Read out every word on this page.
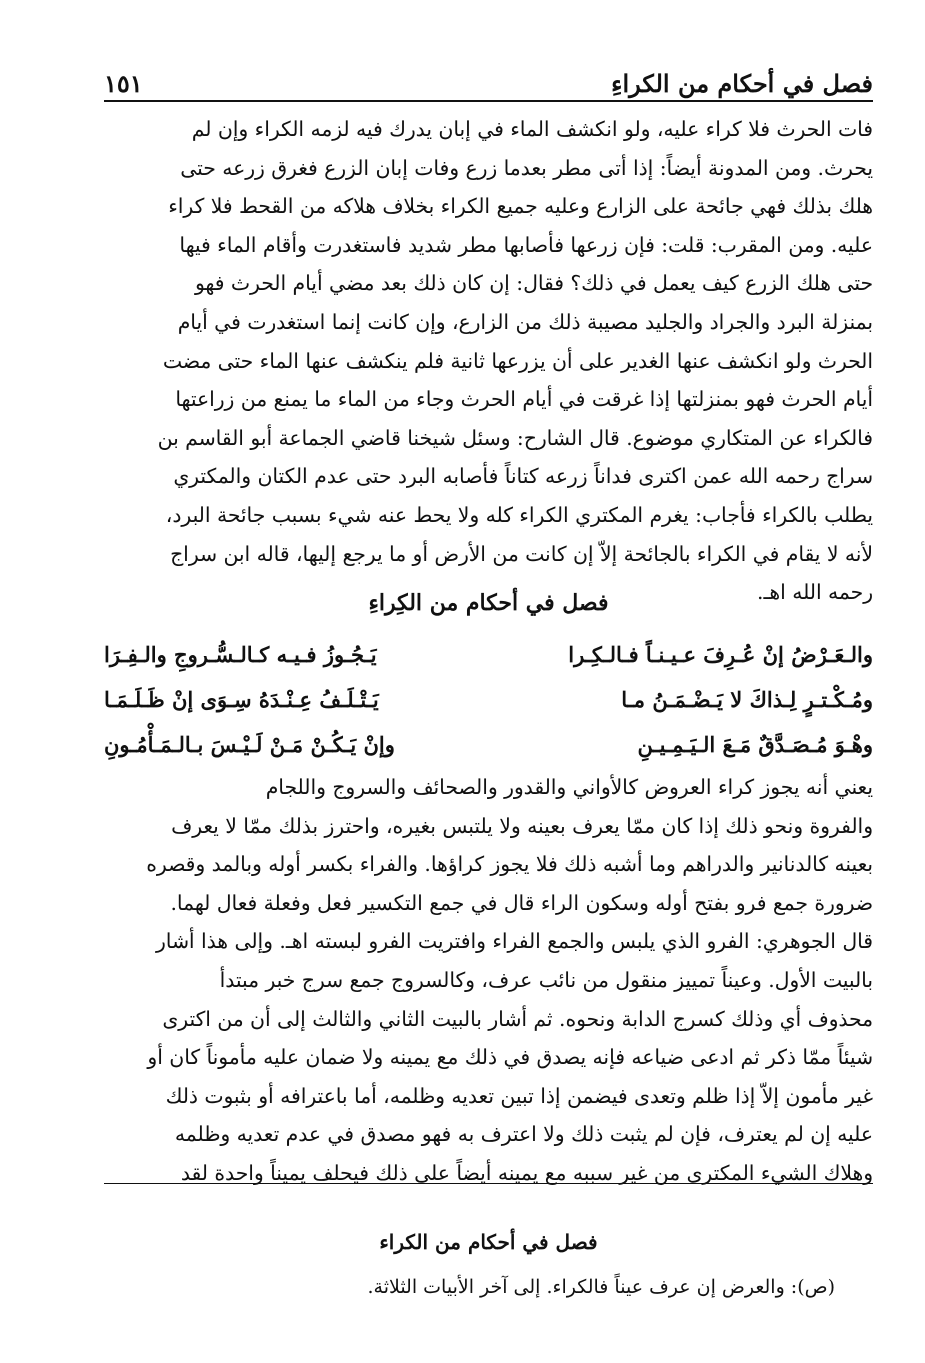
فصل في أحكام من الكراءِ
١٥١
فات الحرث فلا كراء عليه، ولو انكشف الماء في إبان يدرك فيه لزمه الكراء وإن لم
يحرث. ومن المدونة أيضاً: إذا أتى مطر بعدما زرع وفات إبان الزرع فغرق زرعه حتى
هلك بذلك فهي جائحة على الزارع وعليه جميع الكراء بخلاف هلاكه من القحط فلا كراء
عليه. ومن المقرب: قلت: فإن زرعها فأصابها مطر شديد فاستغدرت وأقام الماء فيها
حتى هلك الزرع كيف يعمل في ذلك؟ فقال: إن كان ذلك بعد مضي أيام الحرث فهو
بمنزلة البرد والجراد والجليد مصيبة ذلك من الزارع، وإن كانت إنما استغدرت في أيام
الحرث ولو انكشف عنها الغدير على أن يزرعها ثانية فلم ينكشف عنها الماء حتى مضت
أيام الحرث فهو بمنزلتها إذا غرقت في أيام الحرث وجاء من الماء ما يمنع من زراعتها
فالكراء عن المتكاري موضوع. قال الشارح: وسئل شيخنا قاضي الجماعة أبو القاسم بن
سراج رحمه الله عمن اكترى فداناً زرعه كتاناً فأصابه البرد حتى عدم الكتان والمكتري
يطلب بالكراء فأجاب: يغرم المكتري الكراء كله ولا يحط عنه شيء بسبب جائحة البرد،
لأنه لا يقام في الكراء بالجائحة إلاّ إن كانت من الأرض أو ما يرجع إليها، قاله ابن سراج
رحمه الله اهـ.
فصل في أحكام من الكِراءِ
والـعَـرْضُ إنْ عُـرِفَ عـيـنـاً فـالـكِـرا
يَـجُـوزُ فـيـه كـالـسُّـروجِ والـفِـرَا
ومُـكْـتـرٍ لِـذاكَ لا يَـضْـمَـنُ مـا
يَـتْـلَـفُ عِـنْـدَهُ سِـوَى إنْ ظَـلَـمَـا
وهْـوَ مُـصَـدَّقٌ مَـعَ الـيَـمِـيـنِ
وإنْ يَـكُـنْ مَـنْ لَـيْـسَ بـالـمَـأْمُـونِ
يعني أنه يجوز كراء العروض كالأواني والقدور والصحائف والسروج واللجام
والفروة ونحو ذلك إذا كان ممّا يعرف بعينه ولا يلتبس بغيره، واحترز بذلك ممّا لا يعرف
بعينه كالدنانير والدراهم وما أشبه ذلك فلا يجوز كراؤها. والفراء بكسر أوله وبالمد وقصره
ضرورة جمع فرو بفتح أوله وسكون الراء قال في جمع التكسير فعل وفعلة فعال لهما.
قال الجوهري: الفرو الذي يلبس والجمع الفراء وافتريت الفرو لبسته اهـ. وإلى هذا أشار
بالبيت الأول. وعيناً تمييز منقول من نائب عرف، وكالسروج جمع سرج خبر مبتدأ
محذوف أي وذلك كسرج الدابة ونحوه. ثم أشار بالبيت الثاني والثالث إلى أن من اكترى
شيئاً ممّا ذكر ثم ادعى ضياعه فإنه يصدق في ذلك مع يمينه ولا ضمان عليه مأموناً كان أو
غير مأمون إلاّ إذا ظلم وتعدى فيضمن إذا تبين تعديه وظلمه، أما باعترافه أو بثبوت ذلك
عليه إن لم يعترف، فإن لم يثبت ذلك ولا اعترف به فهو مصدق في عدم تعديه وظلمه
وهلاك الشيء المكترى من غير سببه مع يمينه أيضاً على ذلك فيحلف يميناً واحدة لقد
فصل في أحكام من الكراء
(ص): والعرض إن عرف عيناً فالكراء. إلى آخر الأبيات الثلاثة.
